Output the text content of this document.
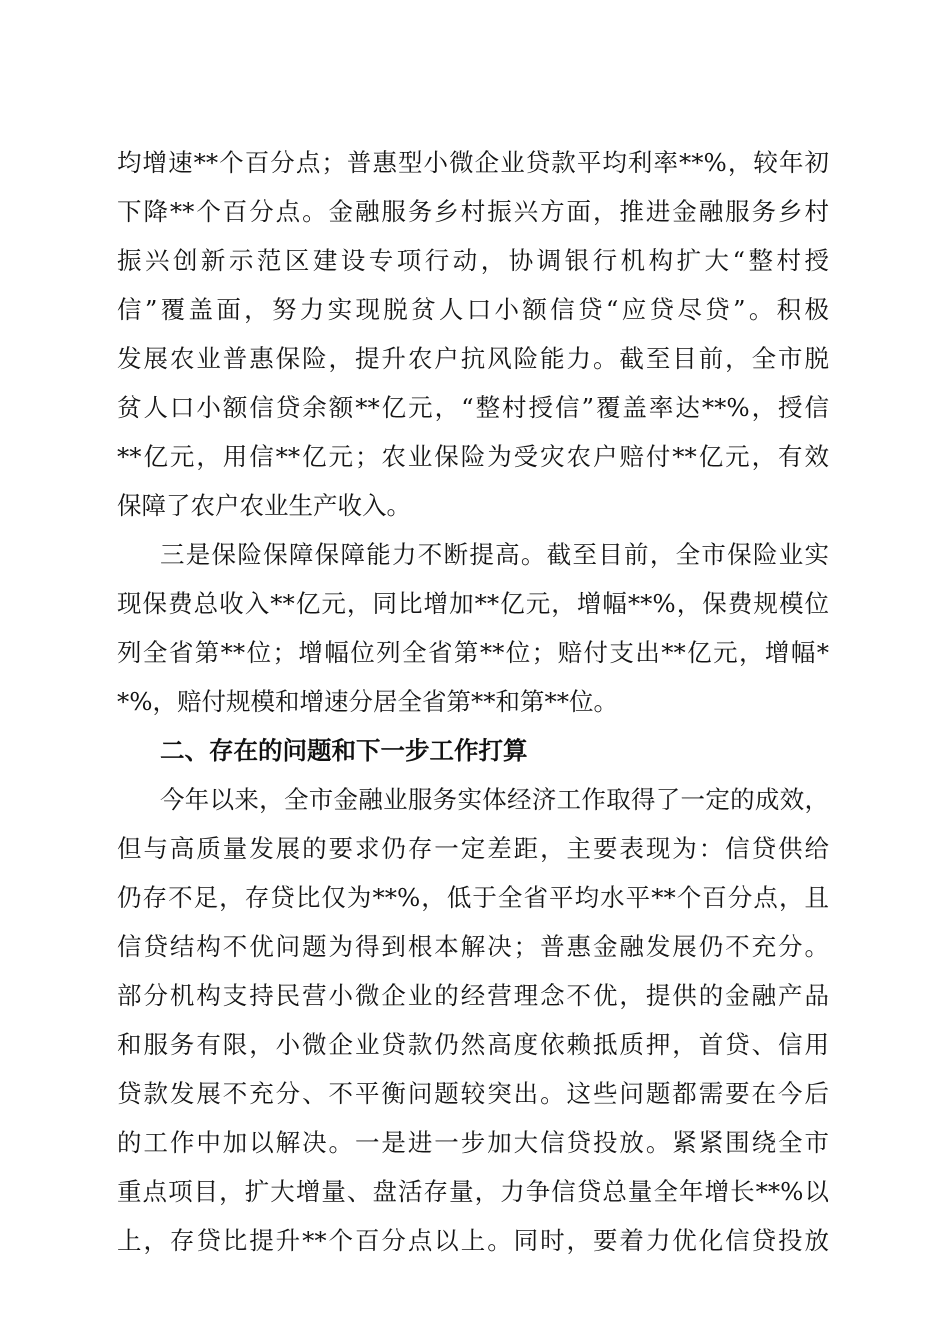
均增速**个百分点；普惠型小微企业贷款平均利率**%，较年初
下降**个百分点。金融服务乡村振兴方面，推进金融服务乡村
振兴创新示范区建设专项行动，协调银行机构扩大“整村授
信”覆盖面，努力实现脱贫人口小额信贷“应贷尽贷”。积极
发展农业普惠保险，提升农户抗风险能力。截至目前，全市脱
贫人口小额信贷余额**亿元，“整村授信”覆盖率达**%，授信
**亿元，用信**亿元；农业保险为受灾农户赔付**亿元，有效
保障了农户农业生产收入。
三是保险保障保障能力不断提高。截至目前，全市保险业实
现保费总收入**亿元，同比增加**亿元，增幅**%，保费规模位
列全省第**位；增幅位列全省第**位；赔付支出**亿元，增幅*
*%，赔付规模和增速分居全省第**和第**位。
二、存在的问题和下一步工作打算
今年以来，全市金融业服务实体经济工作取得了一定的成效，
但与高质量发展的要求仍存一定差距，主要表现为：信贷供给
仍存不足，存贷比仅为**%，低于全省平均水平**个百分点，且
信贷结构不优问题为得到根本解决；普惠金融发展仍不充分。
部分机构支持民营小微企业的经营理念不优，提供的金融产品
和服务有限，小微企业贷款仍然高度依赖抵质押，首贷、信用
贷款发展不充分、不平衡问题较突出。这些问题都需要在今后
的工作中加以解决。一是进一步加大信贷投放。紧紧围绕全市
重点项目，扩大增量、盘活存量，力争信贷总量全年增长**%以
上，存贷比提升**个百分点以上。同时，要着力优化信贷投放
